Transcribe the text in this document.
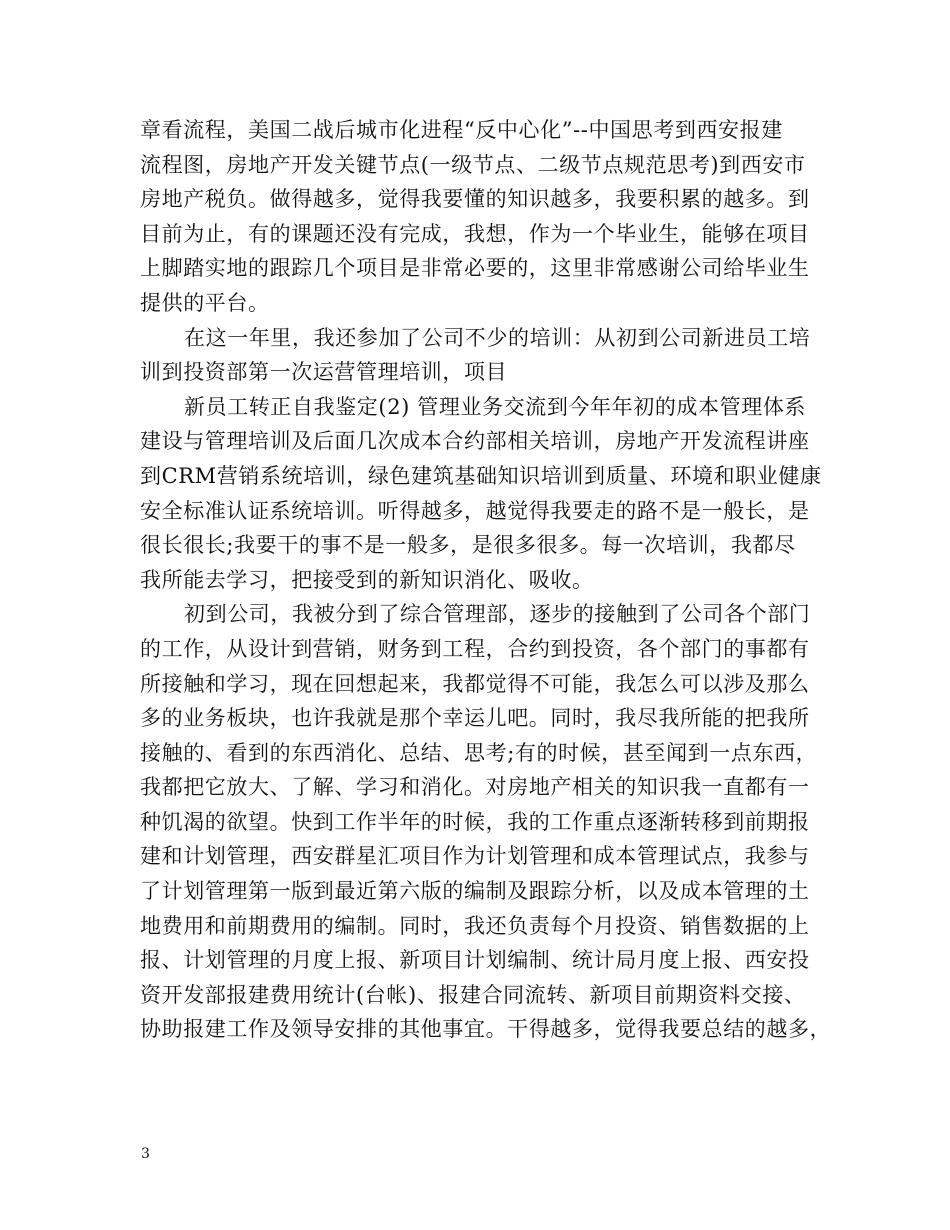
章看流程，美国二战后城市化进程“反中心化”--中国思考到西安报建
流程图，房地产开发关键节点(一级节点、二级节点规范思考)到西安市
房地产税负。做得越多，觉得我要懂的知识越多，我要积累的越多。到
目前为止，有的课题还没有完成，我想，作为一个毕业生，能够在项目
上脚踏实地的跟踪几个项目是非常必要的，这里非常感谢公司给毕业生
提供的平台。
在这一年里，我还参加了公司不少的培训：从初到公司新进员工培
训到投资部第一次运营管理培训，项目
新员工转正自我鉴定(2) 管理业务交流到今年年初的成本管理体系
建设与管理培训及后面几次成本合约部相关培训，房地产开发流程讲座
到CRM营销系统培训，绿色建筑基础知识培训到质量、环境和职业健康
安全标准认证系统培训。听得越多，越觉得我要走的路不是一般长，是
很长很长;我要干的事不是一般多，是很多很多。每一次培训，我都尽
我所能去学习，把接受到的新知识消化、吸收。
初到公司，我被分到了综合管理部，逐步的接触到了公司各个部门
的工作，从设计到营销，财务到工程，合约到投资，各个部门的事都有
所接触和学习，现在回想起来，我都觉得不可能，我怎么可以涉及那么
多的业务板块，也许我就是那个幸运儿吧。同时，我尽我所能的把我所
接触的、看到的东西消化、总结、思考;有的时候，甚至闻到一点东西，
我都把它放大、了解、学习和消化。对房地产相关的知识我一直都有一
种饥渴的欲望。快到工作半年的时候，我的工作重点逐渐转移到前期报
建和计划管理，西安群星汇项目作为计划管理和成本管理试点，我参与
了计划管理第一版到最近第六版的编制及跟踪分析，以及成本管理的土
地费用和前期费用的编制。同时，我还负责每个月投资、销售数据的上
报、计划管理的月度上报、新项目计划编制、统计局月度上报、西安投
资开发部报建费用统计(台帐)、报建合同流转、新项目前期资料交接、
协助报建工作及领导安排的其他事宜。干得越多，觉得我要总结的越多，
3
